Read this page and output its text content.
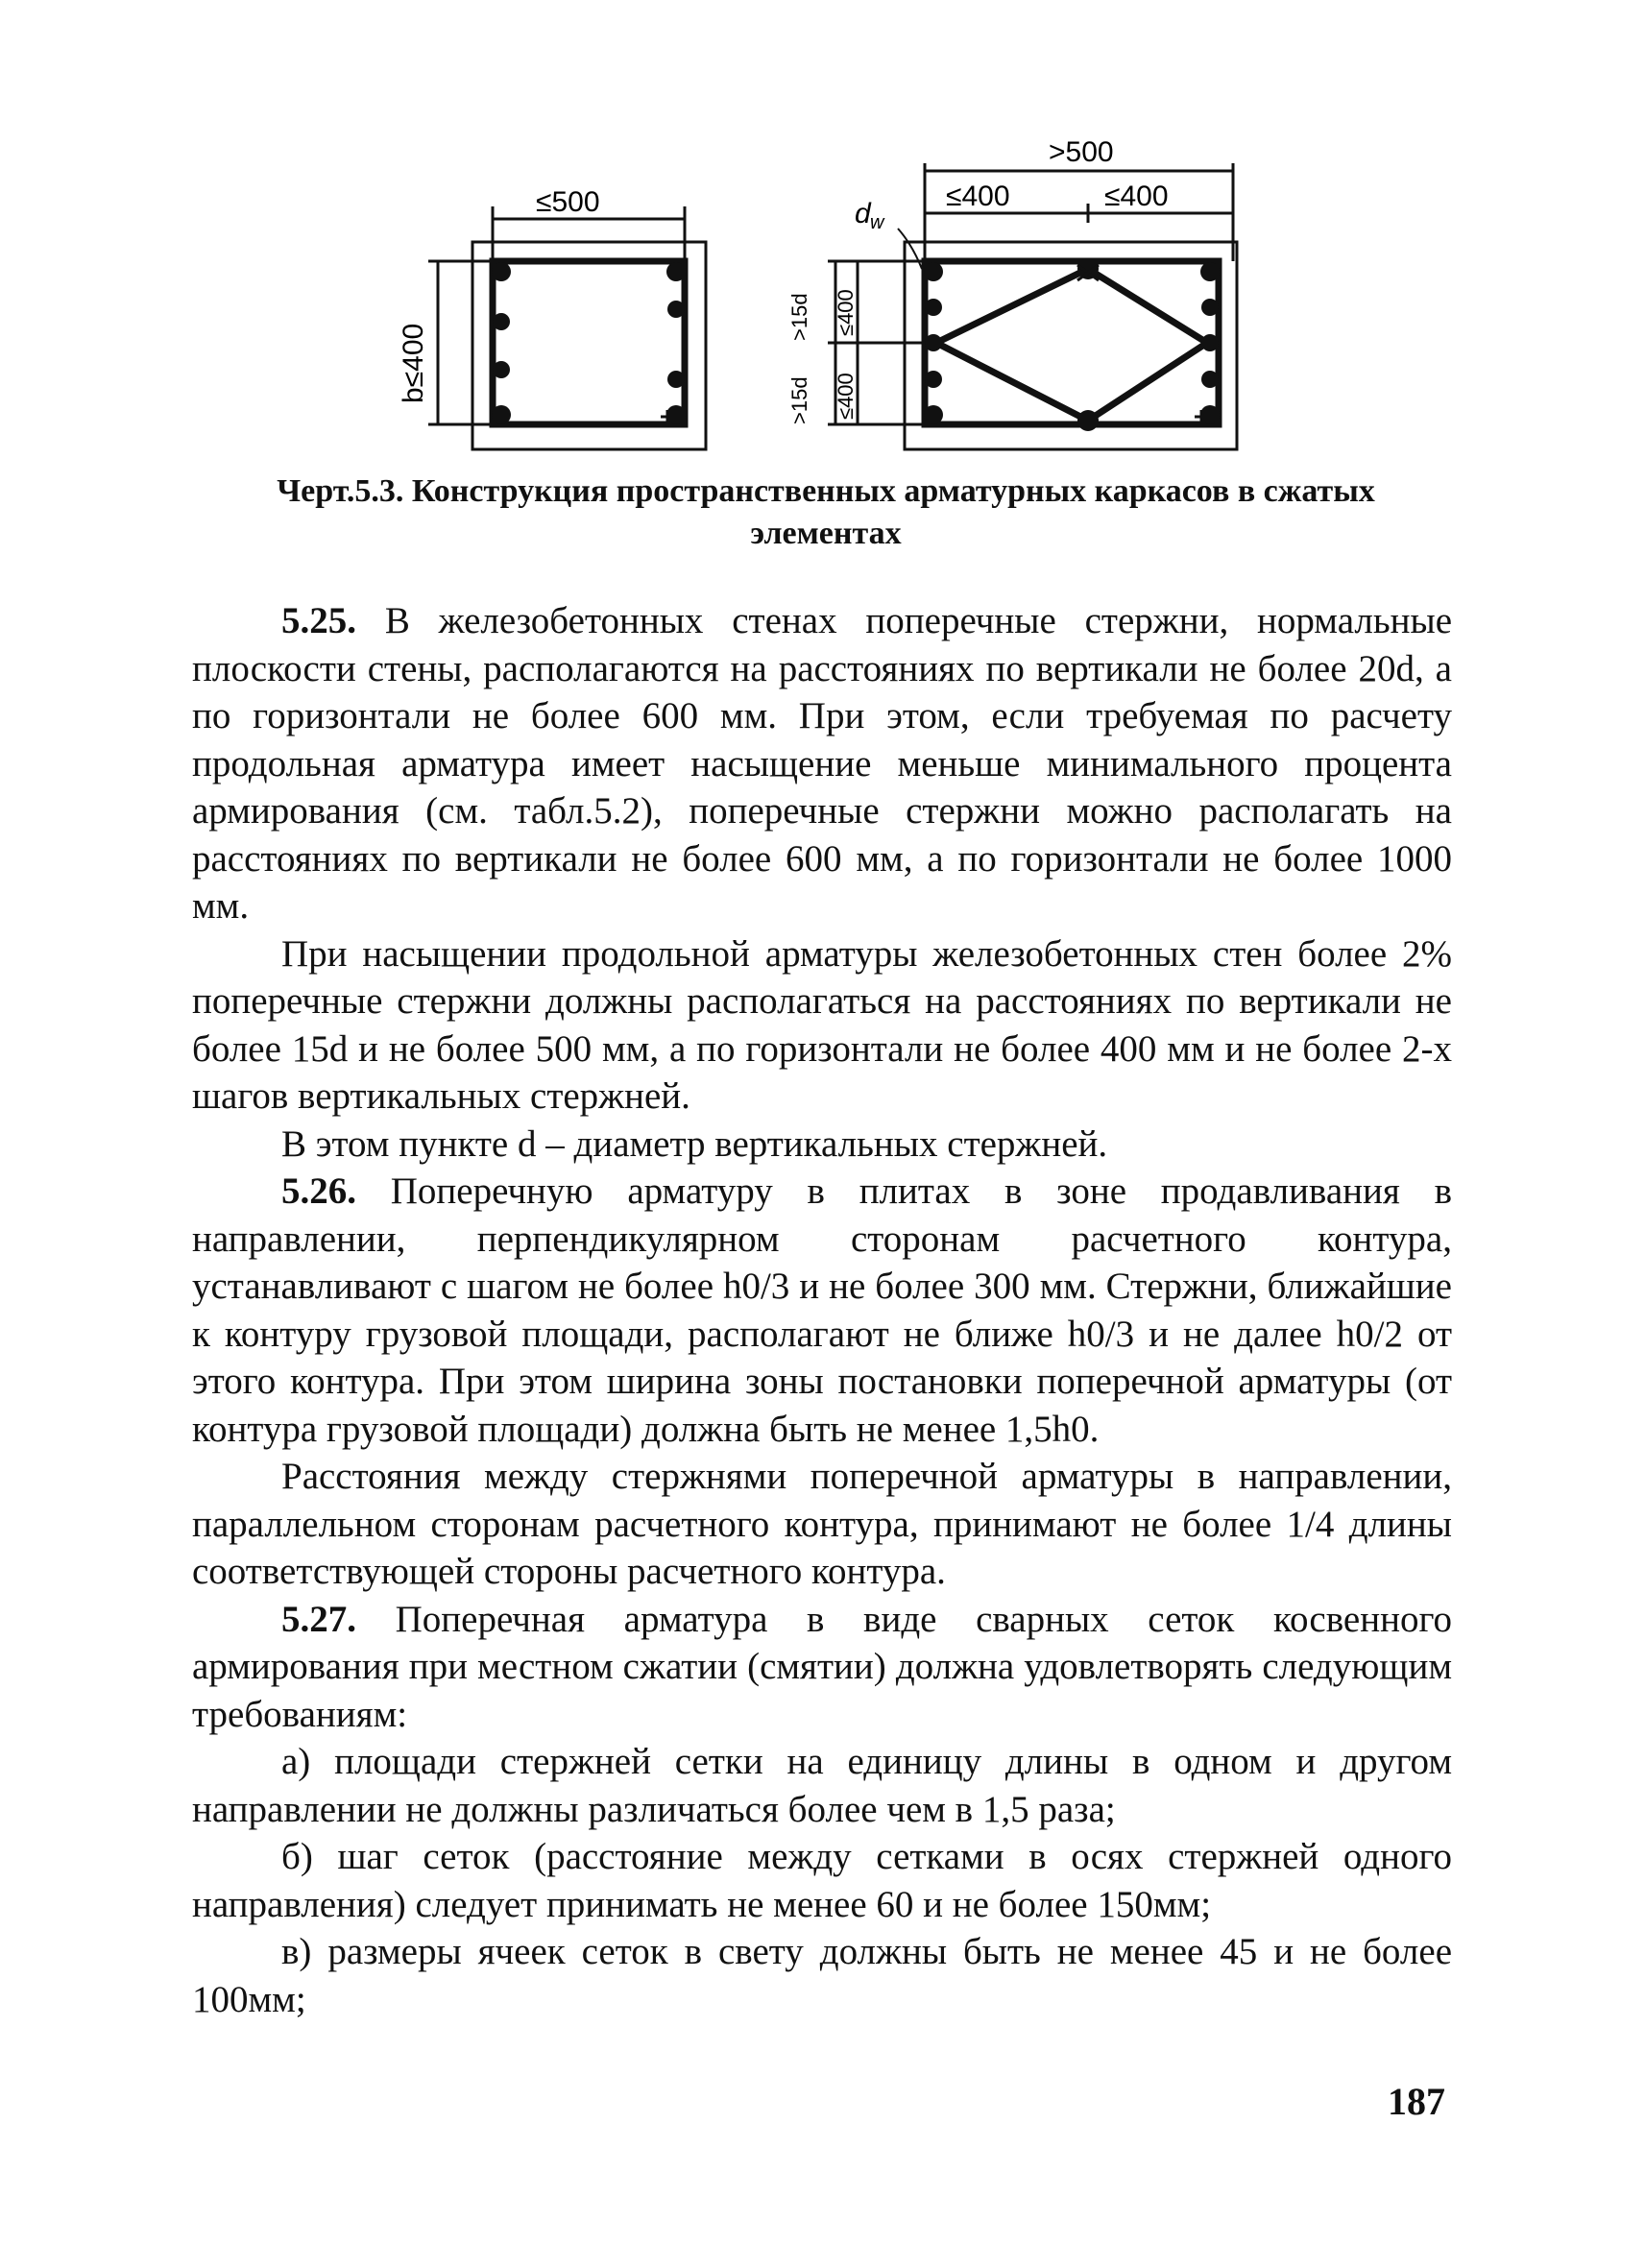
≤500
b≤400
>500
≤400	≤400
d w
>15d
>15d ≤400
≤400
Черт.5.3. Конструкция пространственных арматурных каркасов в сжатых
элементах

5.25. В железобетонных стенах поперечные стержни, нормальные плоскости стены, располагаются на расстояниях по вертикали не более 20d, а по горизонтали не более 600 мм. При этом, если требуемая по расчету продольная арматура имеет насыщение меньше минимального процента армирования (см. табл.5.2), поперечные стержни можно располагать на расстояниях по вертикали не более 600 мм, а по горизонтали не более 1000 мм.

При насыщении продольной арматуры железобетонных стен более 2% поперечные стержни должны располагаться на расстояниях по вертикали не более 15d и не более 500 мм, а по горизонтали не более 400 мм и не более 2-х шагов вертикальных стержней.

В этом пункте d – диаметр вертикальных стержней.

5.26. Поперечную арматуру в плитах в зоне продавливания в направлении, перпендикулярном сторонам расчетного контура, устанавливают с шагом не более h0/3 и не более 300 мм. Стержни, ближайшие к контуру грузовой площади, располагают не ближе h0/3 и не далее h0/2 от этого контура. При этом ширина зоны постановки поперечной арматуры (от контура грузовой площади) должна быть не менее 1,5h0.

Расстояния между стержнями поперечной арматуры в направлении, параллельном сторонам расчетного контура, принимают не более 1/4 длины соответствующей стороны расчетного контура.

5.27. Поперечная арматура в виде сварных сеток косвенного армирования при местном сжатии (смятии) должна удовлетворять следующим требованиям:

а) площади стержней сетки на единицу длины в одном и другом направлении не должны различаться более чем в 1,5 раза;

б) шаг сеток (расстояние между сетками в осях стержней одного направления) следует принимать не менее 60 и не более 150мм;

в) размеры ячеек сеток в свету должны быть не менее 45 и не более 100мм;

187
